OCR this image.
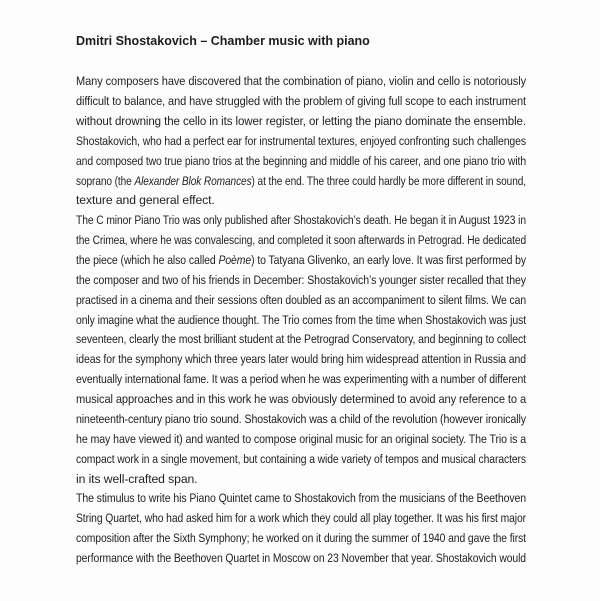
Dmitri Shostakovich – Chamber music with piano
Many composers have discovered that the combination of piano, violin and cello is notoriously
difficult to balance, and have struggled with the problem of giving full scope to each instrument
without drowning the cello in its lower register, or letting the piano dominate the ensemble.
Shostakovich, who had a perfect ear for instrumental textures, enjoyed confronting such challenges
and composed two true piano trios at the beginning and middle of his career, and one piano trio with
soprano (the Alexander Blok Romances) at the end. The three could hardly be more different in sound,
texture and general effect.
The C minor Piano Trio was only published after Shostakovich’s death. He began it in August 1923 in
the Crimea, where he was convalescing, and completed it soon afterwards in Petrograd. He dedicated
the piece (which he also called Poème) to Tatyana Glivenko, an early love. It was first performed by
the composer and two of his friends in December: Shostakovich’s younger sister recalled that they
practised in a cinema and their sessions often doubled as an accompaniment to silent films. We can
only imagine what the audience thought. The Trio comes from the time when Shostakovich was just
seventeen, clearly the most brilliant student at the Petrograd Conservatory, and beginning to collect
ideas for the symphony which three years later would bring him widespread attention in Russia and
eventually international fame. It was a period when he was experimenting with a number of different
musical approaches and in this work he was obviously determined to avoid any reference to a
nineteenth-century piano trio sound. Shostakovich was a child of the revolution (however ironically
he may have viewed it) and wanted to compose original music for an original society. The Trio is a
compact work in a single movement, but containing a wide variety of tempos and musical characters
in its well-crafted span.
The stimulus to write his Piano Quintet came to Shostakovich from the musicians of the Beethoven
String Quartet, who had asked him for a work which they could all play together. It was his first major
composition after the Sixth Symphony; he worked on it during the summer of 1940 and gave the first
performance with the Beethoven Quartet in Moscow on 23 November that year. Shostakovich would
